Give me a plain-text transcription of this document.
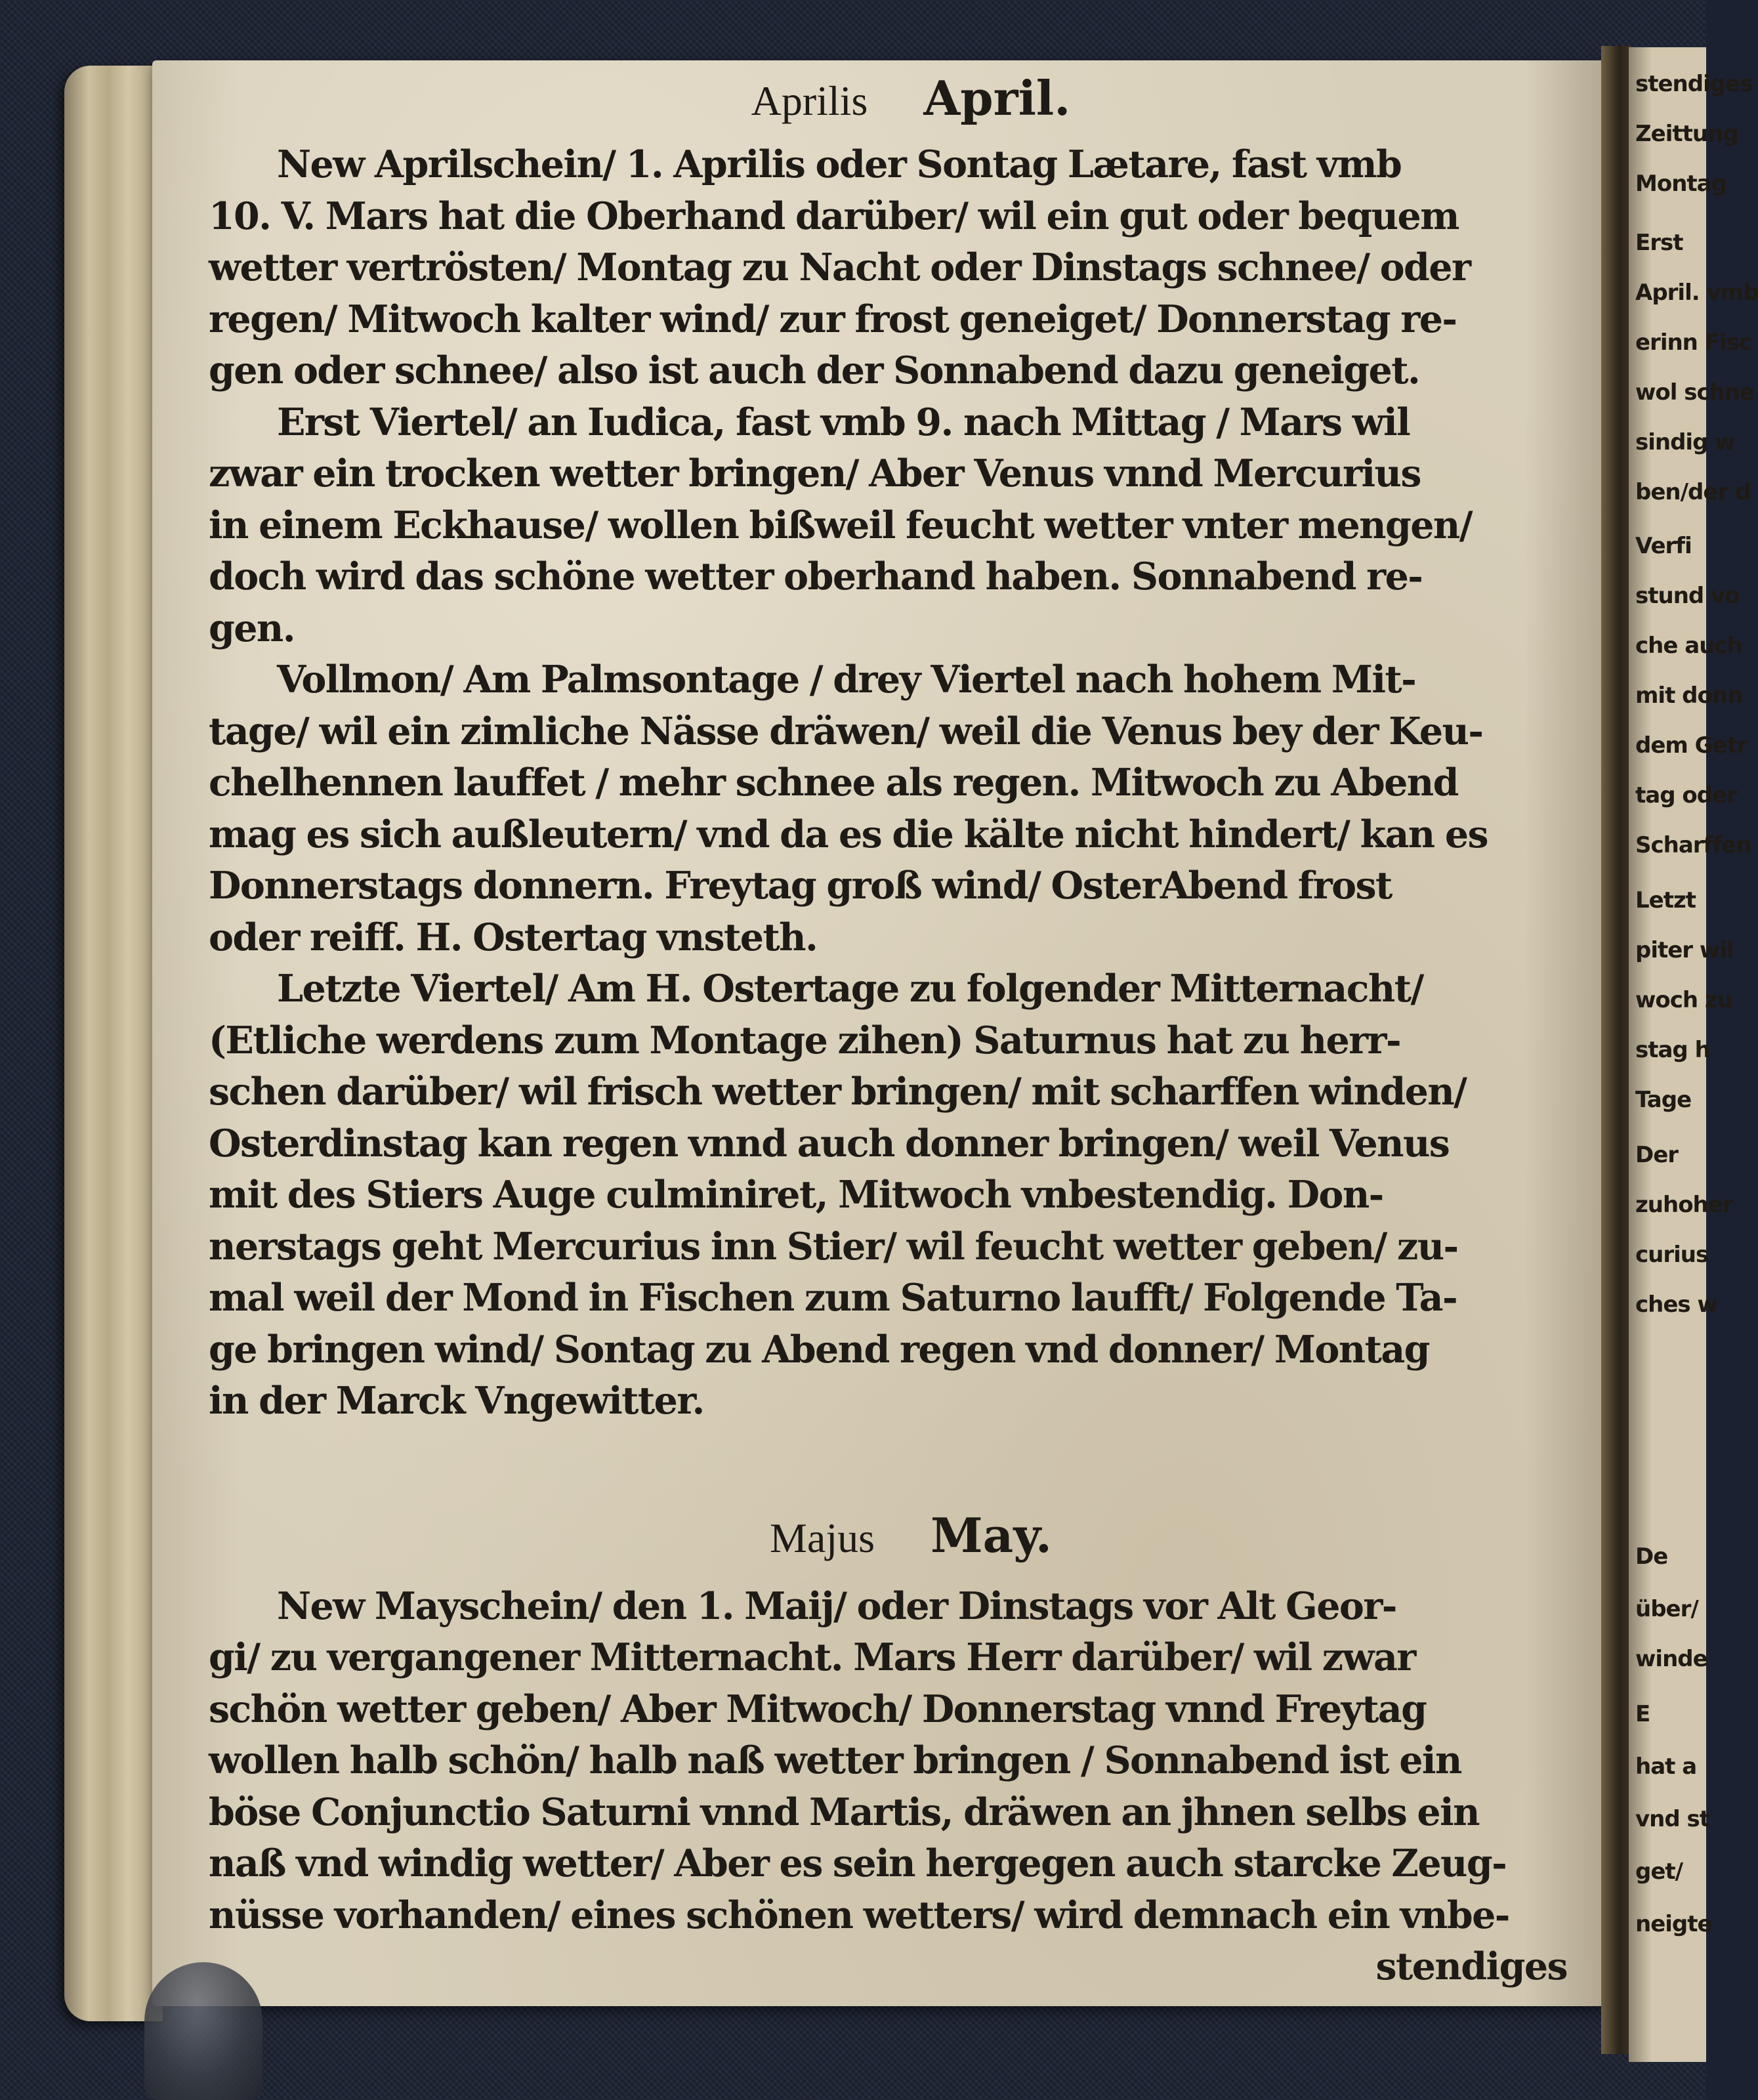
stendiges
Zeittung
Montag
Erst
April. vmb
erinn Fisc
wol schne
sindig w
ben/der d
Verfi
stund vo
che auch
mit donn
dem Getr
tag oder
Scharffen
Letzt
piter wil
woch zu
stag h
Tage
Der
zuhoher
curius
ches w
De
über/
winde
E
hat a
vnd st
get/
neigte
Aprilis April.
New Aprilschein/ 1. Aprilis oder Sontag Lætare, fast vmb
10. V. Mars hat die Oberhand darüber/ wil ein gut oder bequem
wetter vertrösten/ Montag zu Nacht oder Dinstags schnee/ oder
regen/ Mitwoch kalter wind/ zur frost geneiget/ Donnerstag re-
gen oder schnee/ also ist auch der Sonnabend dazu geneiget.
Erst Viertel/ an Iudica, fast vmb 9. nach Mittag / Mars wil
zwar ein trocken wetter bringen/ Aber Venus vnnd Mercurius
in einem Eckhause/ wollen bißweil feucht wetter vnter mengen/
doch wird das schöne wetter oberhand haben. Sonnabend re-
gen.
Vollmon/ Am Palmsontage / drey Viertel nach hohem Mit-
tage/ wil ein zimliche Nässe dräwen/ weil die Venus bey der Keu-
chelhennen lauffet / mehr schnee als regen. Mitwoch zu Abend
mag es sich außleutern/ vnd da es die kälte nicht hindert/ kan es
Donnerstags donnern. Freytag groß wind/ OsterAbend frost
oder reiff. H. Ostertag vnsteth.
Letzte Viertel/ Am H. Ostertage zu folgender Mitternacht/
(Etliche werdens zum Montage zihen) Saturnus hat zu herr-
schen darüber/ wil frisch wetter bringen/ mit scharffen winden/
Osterdinstag kan regen vnnd auch donner bringen/ weil Venus
mit des Stiers Auge culminiret, Mitwoch vnbestendig. Don-
nerstags geht Mercurius inn Stier/ wil feucht wetter geben/ zu-
mal weil der Mond in Fischen zum Saturno laufft/ Folgende Ta-
ge bringen wind/ Sontag zu Abend regen vnd donner/ Montag
in der Marck Vngewitter.
Majus May.
New Mayschein/ den 1. Maij/ oder Dinstags vor Alt Geor-
gi/ zu vergangener Mitternacht. Mars Herr darüber/ wil zwar
schön wetter geben/ Aber Mitwoch/ Donnerstag vnnd Freytag
wollen halb schön/ halb naß wetter bringen / Sonnabend ist ein
böse Conjunctio Saturni vnnd Martis, dräwen an jhnen selbs ein
naß vnd windig wetter/ Aber es sein hergegen auch starcke Zeug-
nüsse vorhanden/ eines schönen wetters/ wird demnach ein vnbe-
stendiges
